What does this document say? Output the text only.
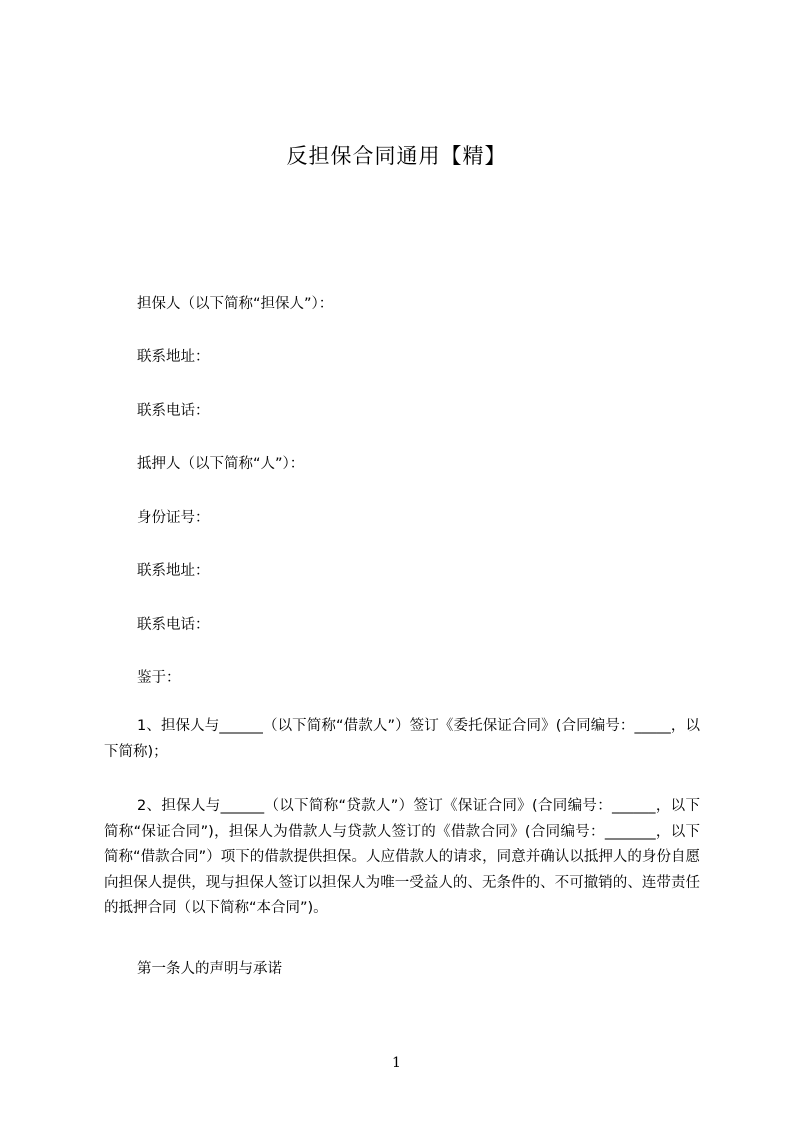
反担保合同通用【精】
担保人（以下简称“担保人”）：
联系地址：
联系电话：
抵押人（以下简称“人”）：
身份证号：
联系地址：
联系电话：
鉴于：
1、担保人与______（以下简称“借款人”）签订《委托保证合同》(合同编号：_____，以下简称)；
2、担保人与______（以下简称“贷款人”）签订《保证合同》(合同编号：______，以下简称“保证合同”)，担保人为借款人与贷款人签订的《借款合同》(合同编号：_______，以下简称“借款合同”）项下的借款提供担保。人应借款人的请求，同意并确认以抵押人的身份自愿向担保人提供，现与担保人签订以担保人为唯一受益人的、无条件的、不可撤销的、连带责任的抵押合同（以下简称“本合同”)。
第一条人的声明与承诺
1
